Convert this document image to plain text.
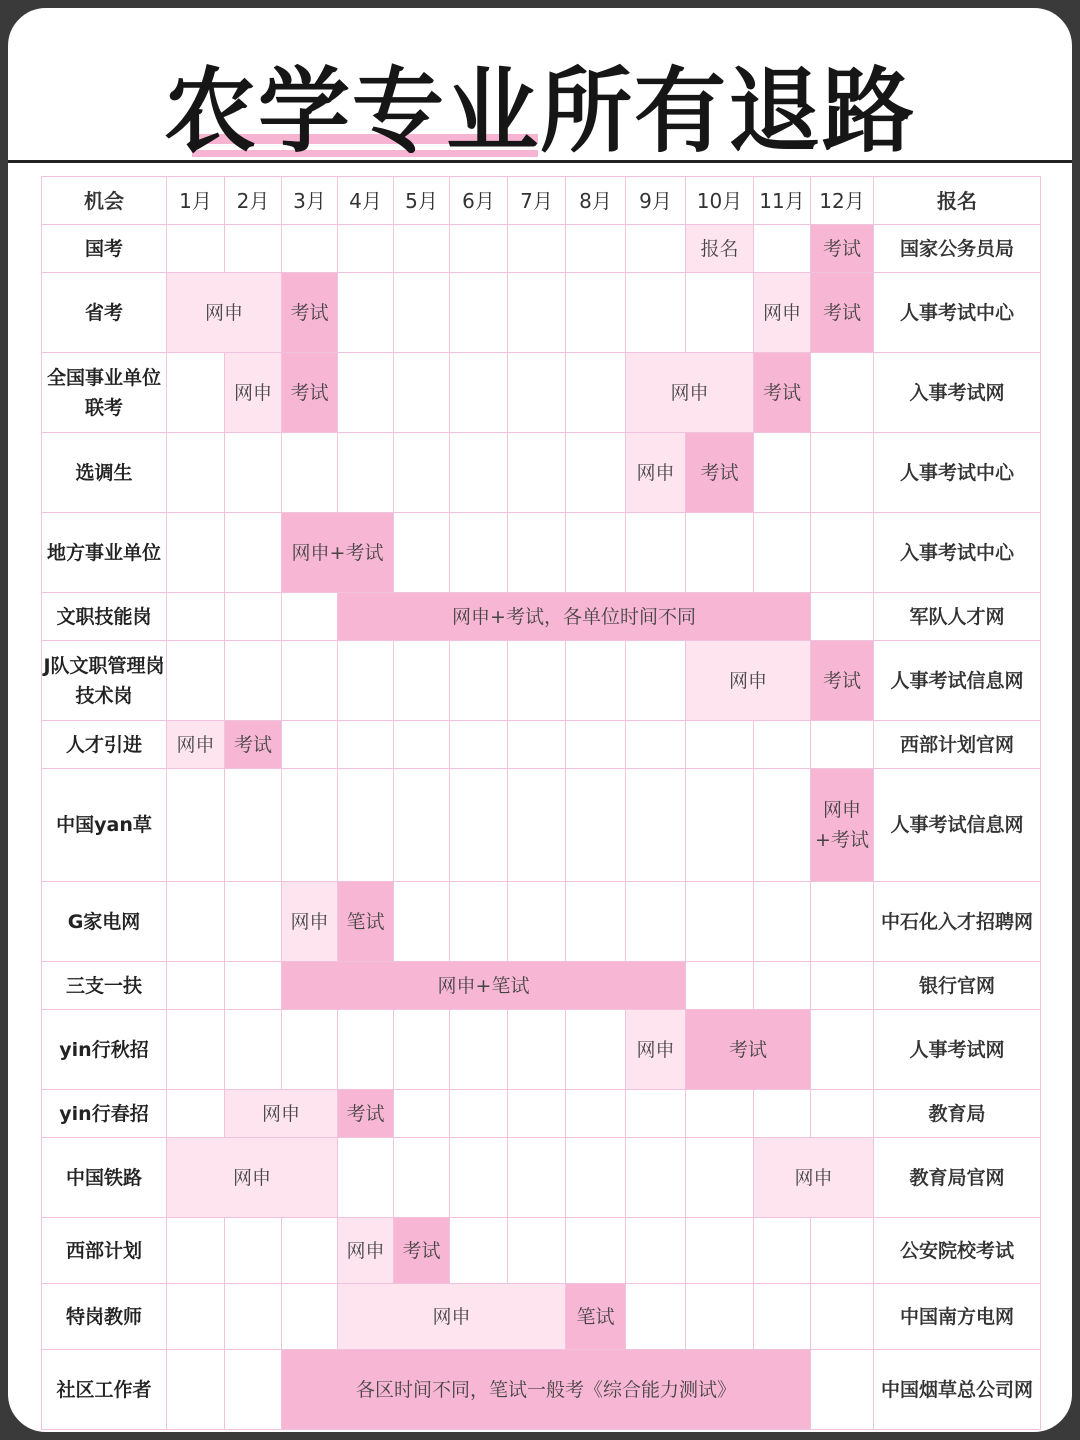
农学专业所有退路
机会	1月	2月	3月	4月	5月	6月	7月	8月	9月	10月	11月	12月	报名
国考										报名		考试	国家公务员局
省考	网申		考试								网申	考试	人事考试中心
全国事业单位联考		网申	考试						网申		考试		入事考试网
选调生									网申	考试			人事考试中心
地方事业单位			网申+考试										入事考试中心
文职技能岗				网申+考试，各单位时间不同									军队人才网
J队文职管理岗技术岗										网申		考试	人事考试信息网
人才引进	网申	考试											西部计划官网
中国yan草												网申+考试	人事考试信息网
G家电网			网申	笔试									中石化入才招聘网
三支一扶			网申+笔试										银行官网
yin行秋招									网申	考试			人事考试网
yin行春招		网申		考试									教育局
中国铁路	网申										网申		教育局官网
西部计划				网申	考试								公安院校考试
特岗教师				网申				笔试					中国南方电网
社区工作者			各区时间不同，笔试一般考《综合能力测试》										中国烟草总公司网
